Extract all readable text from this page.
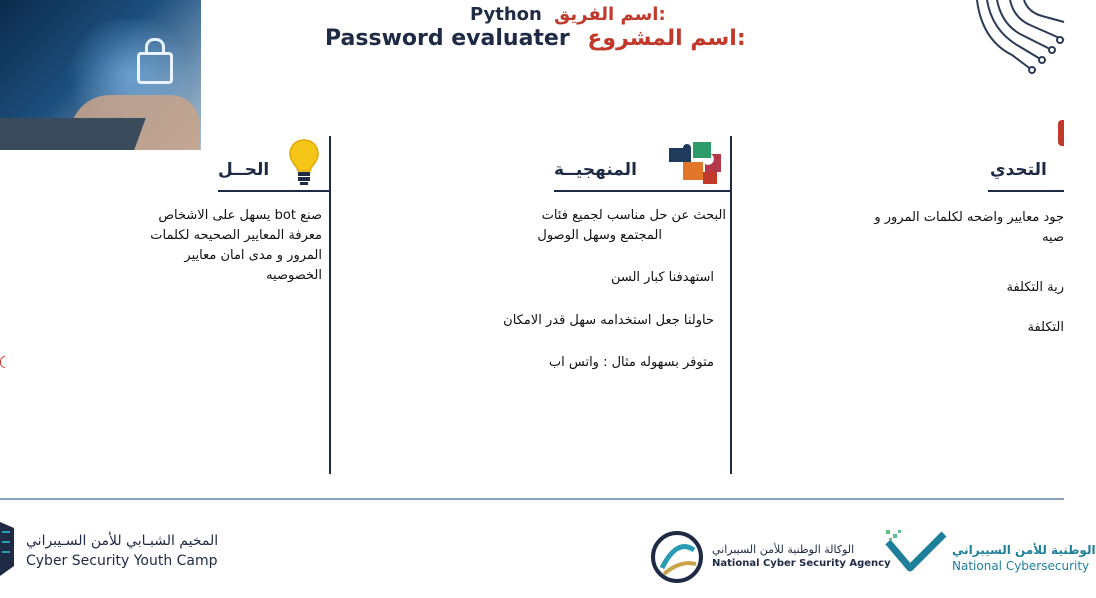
Python اسم الفريق:
Password evaluater اسم المشروع:
الحــل

صنع bot يسهل على الاشخاص

معرفة المعايير الصحيحه لكلمات

المرور و مدى امان معايير

الخصوصيه

المنهجيــة

البحث عن حل مناسب لجميع فئات

المجتمع وسهل الوصول

استهدفنا كبار السن

حاولنا جعل استخدامه سهل قدر الامكان

متوفر بسهوله مثال : واتس اب

التحدي

جود معايير واضحه لكلمات المرور و

صيه

رية التكلفة

التكلفة

المخيم الشبـابي للأمن السـيبراني
Cyber Security Youth Camp
الوكالة الوطنية للأمن السيبراني
National Cyber Security Agency
الوطنية للأمن السيبراني
National Cybersecurity
